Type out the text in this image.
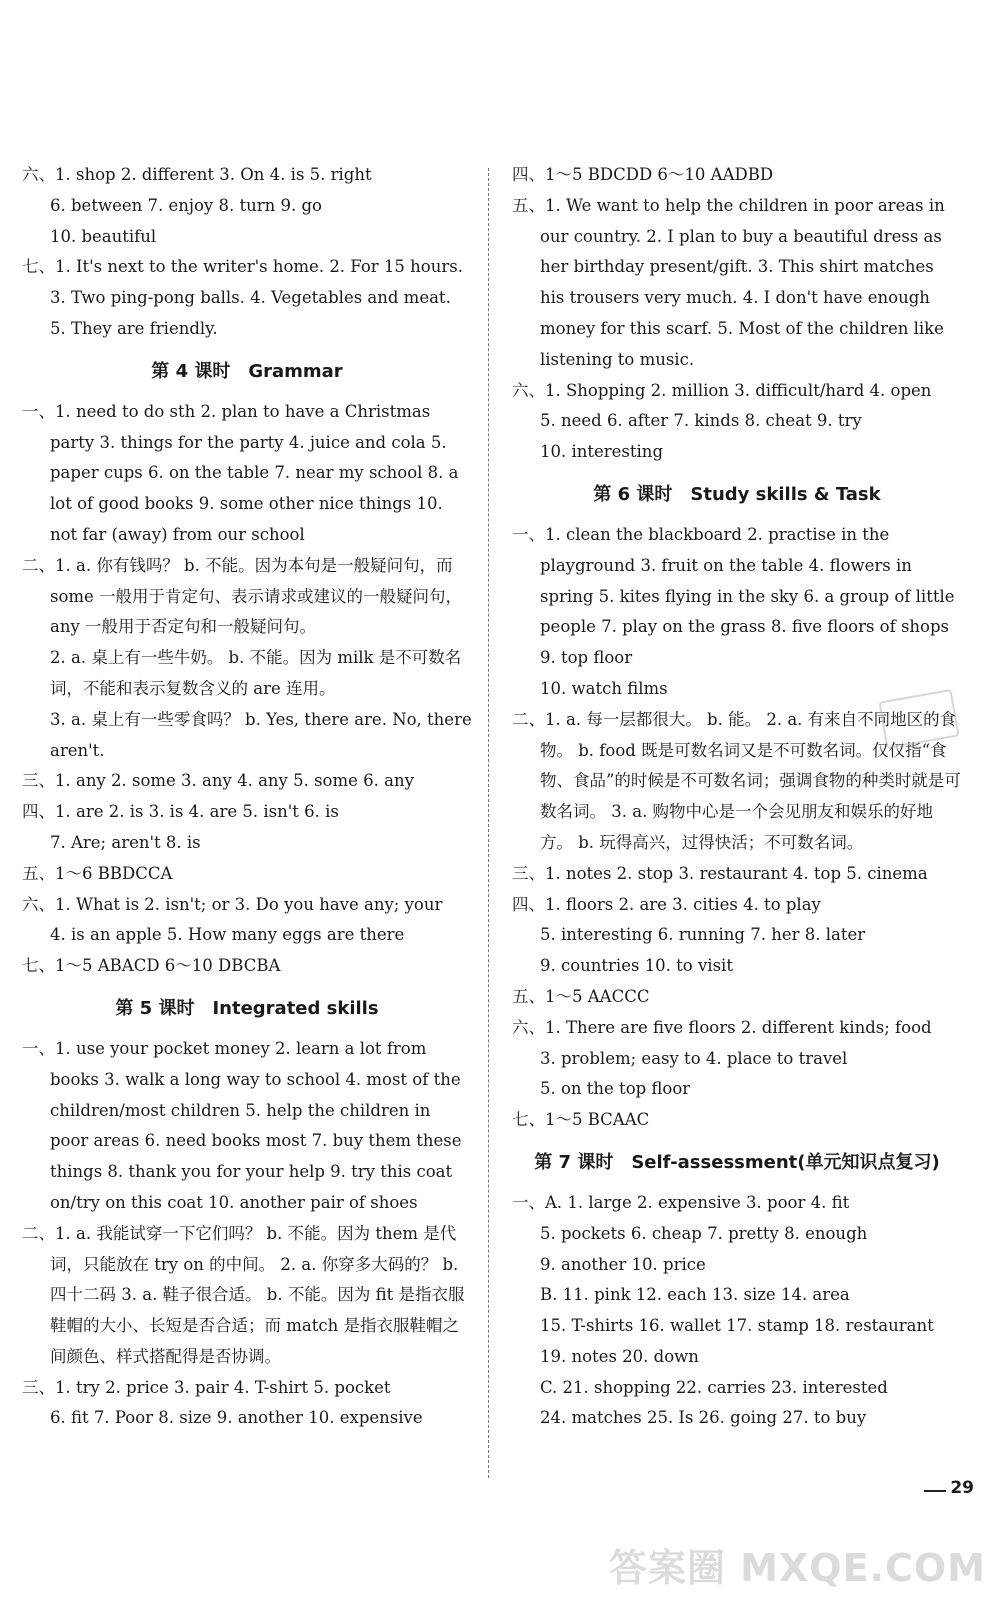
六、1. shop 2. different 3. On 4. is 5. right
6. between 7. enjoy 8. turn 9. go
10. beautiful
七、1. It's next to the writer's home. 2. For 15 hours.
3. Two ping-pong balls. 4. Vegetables and meat.
5. They are friendly.
第 4 课时　Grammar
一、1. need to do sth 2. plan to have a Christmas party 3. things for the party 4. juice and cola 5. paper cups 6. on the table 7. near my school 8. a lot of good books 9. some other nice things 10. not far (away) from our school
二、1. a. 你有钱吗？ b. 不能。因为本句是一般疑问句，而 some 一般用于肯定句、表示请求或建议的一般疑问句，any 一般用于否定句和一般疑问句。
2. a. 桌上有一些牛奶。 b. 不能。因为 milk 是不可数名词，不能和表示复数含义的 are 连用。
3. a. 桌上有一些零食吗？ b. Yes, there are. No, there aren't.
三、1. any 2. some 3. any 4. any 5. some 6. any
四、1. are 2. is 3. is 4. are 5. isn't 6. is
7. Are; aren't 8. is
五、1～6 BBDCCA
六、1. What is 2. isn't; or 3. Do you have any; your
4. is an apple 5. How many eggs are there
七、1～5 ABACD 6～10 DBCBA
第 5 课时　Integrated skills
一、1. use your pocket money 2. learn a lot from books 3. walk a long way to school 4. most of the children/most children 5. help the children in poor areas 6. need books most 7. buy them these things 8. thank you for your help 9. try this coat on/try on this coat 10. another pair of shoes
二、1. a. 我能试穿一下它们吗？ b. 不能。因为 them 是代词，只能放在 try on 的中间。 2. a. 你穿多大码的？ b. 四十二码 3. a. 鞋子很合适。 b. 不能。因为 fit 是指衣服鞋帽的大小、长短是否合适；而 match 是指衣服鞋帽之间颜色、样式搭配得是否协调。
三、1. try 2. price 3. pair 4. T-shirt 5. pocket
6. fit 7. Poor 8. size 9. another 10. expensive
四、1～5 BDCDD 6～10 AADBD
五、1. We want to help the children in poor areas in our country. 2. I plan to buy a beautiful dress as her birthday present/gift. 3. This shirt matches his trousers very much. 4. I don't have enough money for this scarf. 5. Most of the children like listening to music.
六、1. Shopping 2. million 3. difficult/hard 4. open
5. need 6. after 7. kinds 8. cheat 9. try
10. interesting
第 6 课时　Study skills & Task
一、1. clean the blackboard 2. practise in the playground 3. fruit on the table 4. flowers in spring 5. kites flying in the sky 6. a group of little people 7. play on the grass 8. five floors of shops 9. top floor
10. watch films
二、1. a. 每一层都很大。 b. 能。 2. a. 有来自不同地区的食物。 b. food 既是可数名词又是不可数名词。仅仅指“食物、食品”的时候是不可数名词；强调食物的种类时就是可数名词。 3. a. 购物中心是一个会见朋友和娱乐的好地方。 b. 玩得高兴，过得快活；不可数名词。
三、1. notes 2. stop 3. restaurant 4. top 5. cinema
四、1. floors 2. are 3. cities 4. to play
5. interesting 6. running 7. her 8. later
9. countries 10. to visit
五、1～5 AACCC
六、1. There are five floors 2. different kinds; food
3. problem; easy to 4. place to travel
5. on the top floor
七、1～5 BCAAC
第 7 课时　Self-assessment(单元知识点复习)
一、A. 1. large 2. expensive 3. poor 4. fit
5. pockets 6. cheap 7. pretty 8. enough
9. another 10. price
B. 11. pink 12. each 13. size 14. area
15. T-shirts 16. wallet 17. stamp 18. restaurant
19. notes 20. down
C. 21. shopping 22. carries 23. interested
24. matches 25. Is 26. going 27. to buy
29
答案圈 MXQE.COM
